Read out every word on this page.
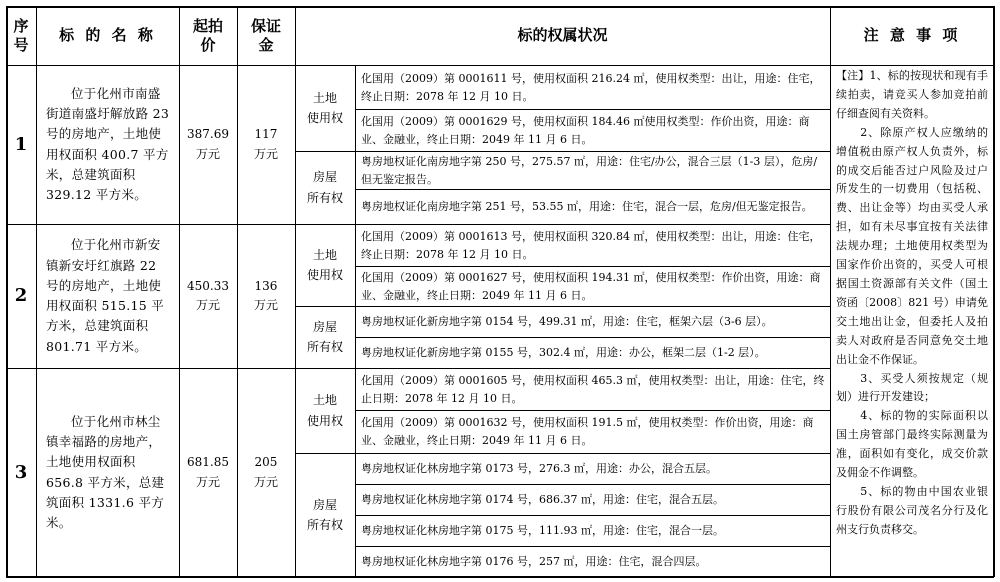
序
号
标 的 名 称
起拍
价
保证
金
标的权属状况	注 意 事 项
1
位于化州市南盛街道南盛圩解放路 23 号的房地产，土地使用权面积 400.7 平方米，总建筑面积 329.12 平方米。
387.69
万元
117
万元
土地
使用权
房屋
所有权
化国用（2009）第 0001611 号，使用权面积 216.24 ㎡，使用权类型：出让，用途：住宅，终止日期：2078 年 12 月 10 日。
化国用（2009）第 0001629 号，使用权面积 184.46 ㎡使用权类型：作价出资，用途：商业、金融业，终止日期：2049 年 11 月 6 日。
粤房地权证化南房地字第 250 号，275.57 ㎡，用途：住宅/办公，混合三层（1-3 层），危房/但无鉴定报告。
粤房地权证化南房地字第 251 号，53.55 ㎡，用途：住宅，混合一层，危房/但无鉴定报告。
2
位于化州市新安镇新安圩红旗路 22 号的房地产，土地使用权面积 515.15 平方米，总建筑面积 801.71 平方米。
450.33
万元
136
万元
土地
使用权
房屋
所有权
化国用（2009）第 0001613 号，使用权面积 320.84 ㎡，使用权类型：出让，用途：住宅，终止日期：2078 年 12 月 10 日。
化国用（2009）第 0001627 号，使用权面积 194.31 ㎡，使用权类型：作价出资，用途：商业、金融业，终止日期：2049 年 11 月 6 日。
粤房地权证化新房地字第 0154 号，499.31 ㎡，用途：住宅，框架六层（3-6 层）。
粤房地权证化新房地字第 0155 号，302.4 ㎡，用途：办公，框架二层（1-2 层）。
3
位于化州市林尘镇幸福路的房地产，土地使用权面积 656.8 平方米，总建筑面积 1331.6 平方米。
681.85
万元
205
万元
土地
使用权
房屋
所有权
化国用（2009）第 0001605 号，使用权面积 465.3 ㎡，使用权类型：出让，用途：住宅，终止日期：2078 年 12 月 10 日。
化国用（2009）第 0001632 号，使用权面积 191.5 ㎡，使用权类型：作价出资，用途：商业、金融业，终止日期：2049 年 11 月 6 日。
粤房地权证化林房地字第 0173 号，276.3 ㎡，用途：办公，混合五层。
粤房地权证化林房地字第 0174 号，686.37 ㎡，用途：住宅，混合五层。
粤房地权证化林房地字第 0175 号，111.93 ㎡，用途：住宅，混合一层。
粤房地权证化林房地字第 0176 号，257 ㎡，用途：住宅，混合四层。

【注】1、标的按现状和现有手续拍卖，请竞买人参加竞拍前仔细查阅有关资料。

2、除原产权人应缴纳的增值税由原产权人负责外，标的成交后能否过户风险及过户所发生的一切费用（包括税、费、出让金等）均由买受人承担，如有未尽事宜按有关法律法规办理；土地使用权类型为国家作价出资的，买受人可根据国土资源部有关文件（国土资函〔2008〕821 号）申请免交土地出让金，但委托人及拍卖人对政府是否同意免交土地出让金不作保证。

3、买受人须按规定（规划）进行开发建设；

4、标的物的实际面积以国土房管部门最终实际测量为准，面积如有变化，成交价款及佣金不作调整。

5、标的物由中国农业银行股份有限公司茂名分行及化州支行负责移交。
